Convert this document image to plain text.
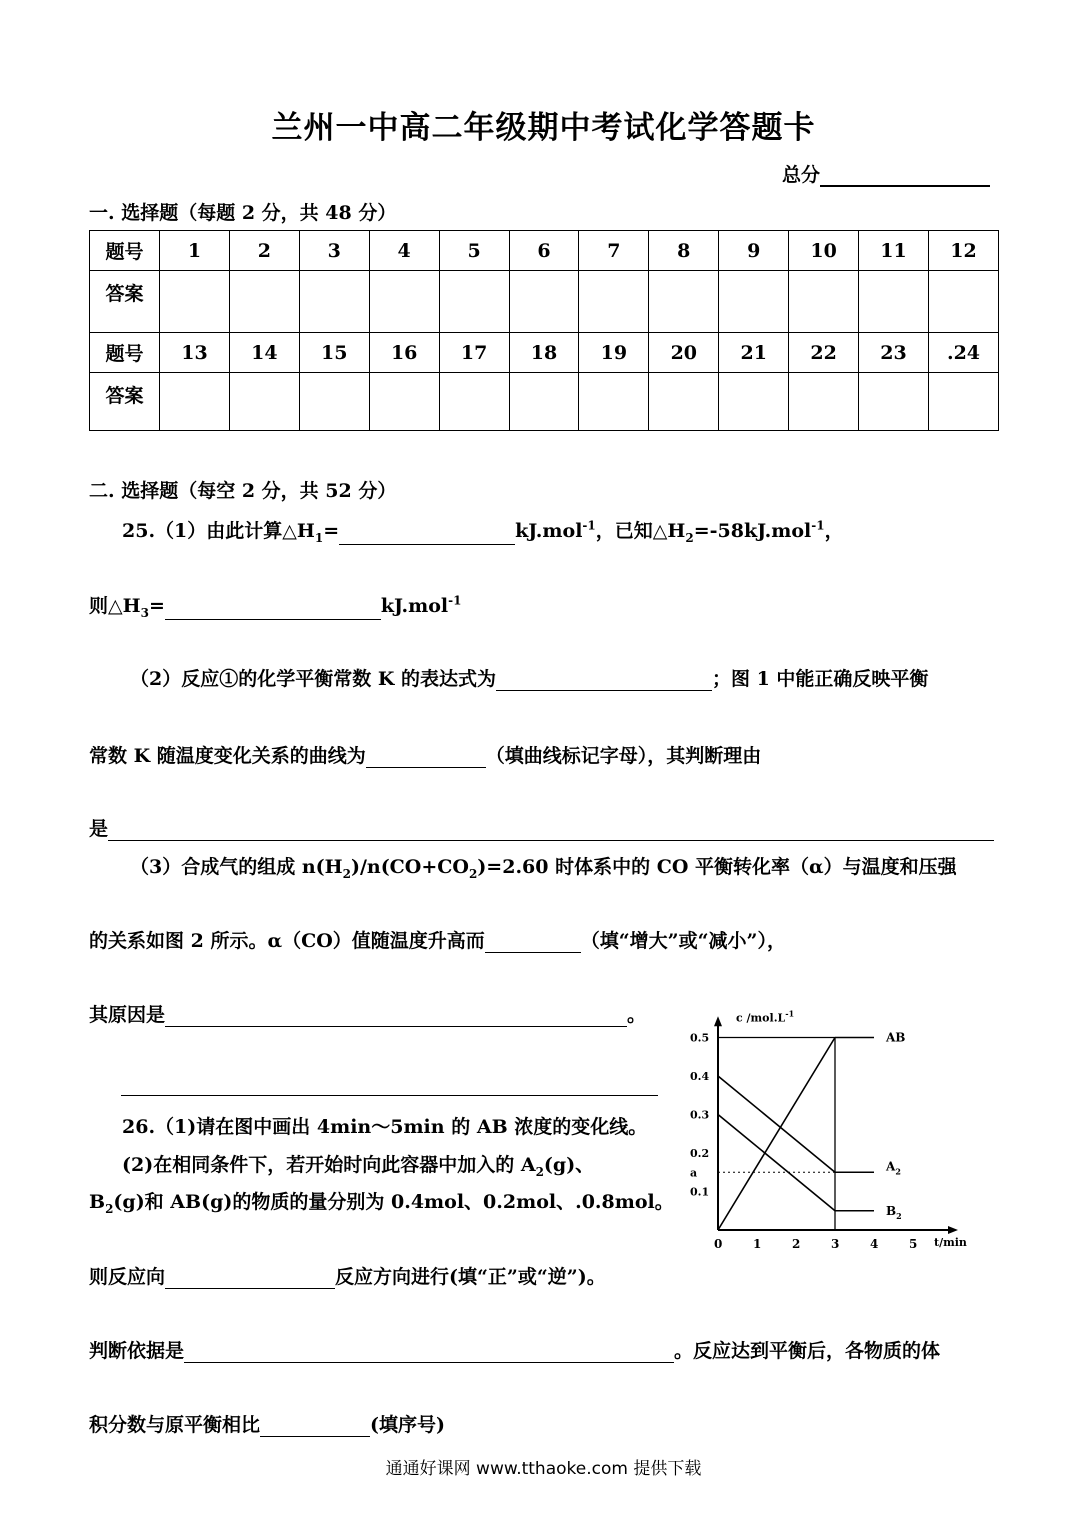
兰州一中高二年级期中考试化学答题卡
总分
一. 选择题（每题 2 分，共 48 分）
题号	1	2	3	4	5	6	7	8	9	10	11	12
答案												
题号	13	14	15	16	17	18	19	20	21	22	23	.24
答案												
二. 选择题（每空 2 分，共 52 分）
25.（1）由此计算$\triangle H_1=$	kJ.mol$^{-1}$，已知$\triangle H_2=-58kJ.mol^{-1}$，
则$\triangle H_3=$	kJ.mol$^{-1}$
（2）反应①的化学平衡常数 K 的表达式为	；图 1 中能正确反映平衡
常数 K 随温度变化关系的曲线为	（填曲线标记字母），其判断理由
是
（3）合成气的组成 $n(H_2)/n(CO+CO_2)=2.60$ 时体系中的 CO 平衡转化率（α）与温度和压强
的关系如图 2 所示。α（CO）值随温度升高而	（填“增大”或“减小”），
其原因是	。
26.（1)请在图中画出 4min～5min 的 AB 浓度的变化线。
(2)在相同条件下，若开始时向此容器中加入的 $A_2(g)$、
$B_2(g)$和 AB(g)的物质的量分别为 0.4mol、0.2mol、.0.8mol。
则反应向	反应方向进行(填“正”或“逆”)。
判断依据是	。反应达到平衡后，各物质的体
积分数与原平衡相比	(填序号)
c $/mol.L^{-1}$
t/min
0	1	2	3	4	5
0.1
a
0.2
0.3
0.4
0.5	AB
$A_2$
$B_2$
通通好课网 www.tthaoke.com 提供下载
